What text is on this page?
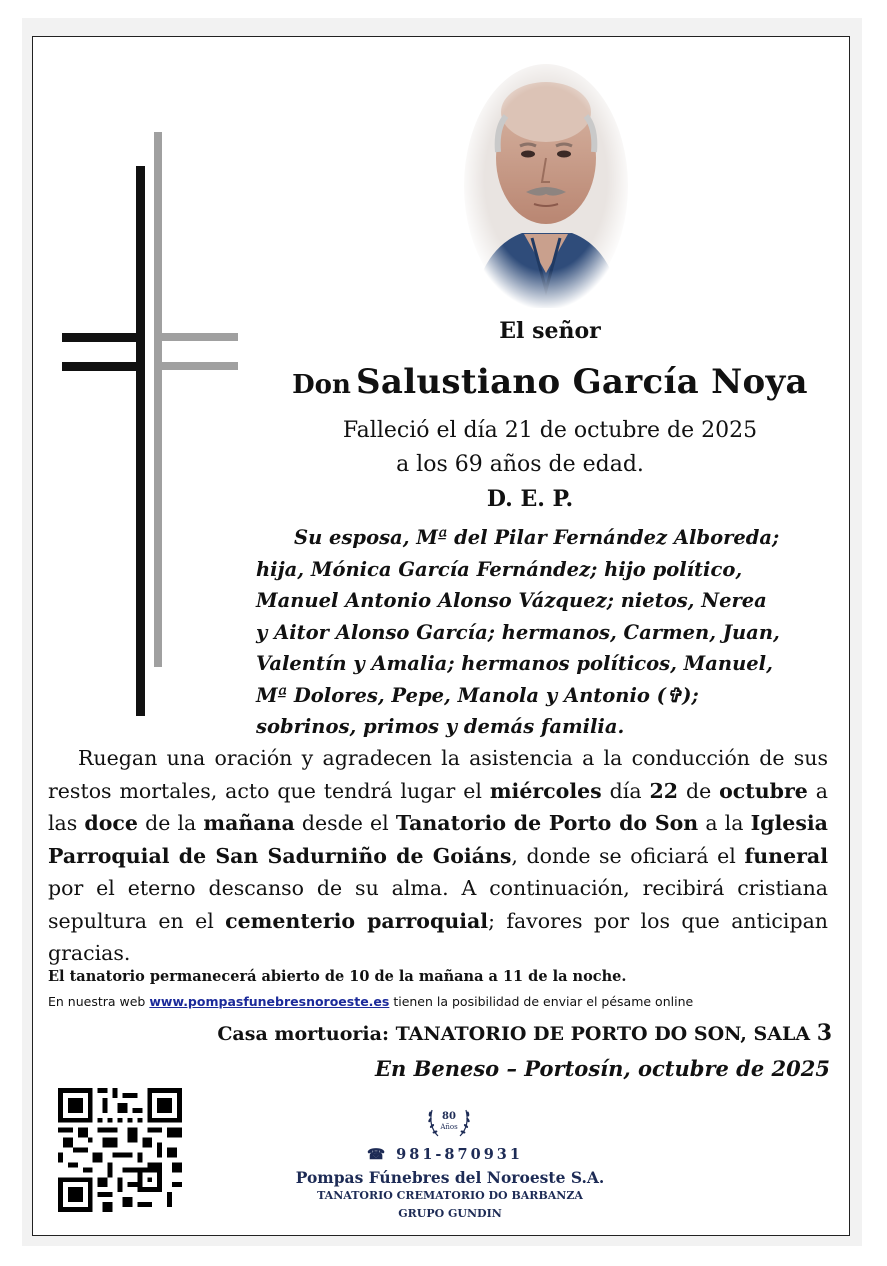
El señor
Don Salustiano García Noya
Falleció el día 21 de octubre de 2025
a los 69 años de edad.
D. E. P.

Su esposa, Mª del Pilar Fernández Alboreda;

hija, Mónica García Fernández; hijo político,

Manuel Antonio Alonso Vázquez; nietos, Nerea

y Aitor Alonso García; hermanos, Carmen, Juan,

Valentín y Amalia; hermanos políticos, Manuel,

Mª Dolores, Pepe, Manola y Antonio (✞);

sobrinos, primos y demás familia.

Ruegan una oración y agradecen la asistencia a la conducción de sus restos mortales, acto que tendrá lugar el miércoles día 22 de octubre a las doce de la mañana desde el Tanatorio de Porto do Son a la Iglesia Parroquial de San Sadurniño de Goiáns, donde se oficiará el funeral por el eterno descanso de su alma. A continuación, recibirá cristiana sepultura en el cementerio parroquial; favores por los que anticipan gracias.

El tanatorio permanecerá abierto de 10 de la mañana a 11 de la noche.
En nuestra web www.pompasfunebresnoroeste.es tienen la posibilidad de enviar el pésame online
Casa mortuoria: TANATORIO DE PORTO DO SON, SALA 3
En Beneso – Portosín, octubre de 2025
80
Años
☎ 981-870931
Pompas Fúnebres del Noroeste S.A.
TANATORIO CREMATORIO DO BARBANZA
GRUPO GUNDIN
